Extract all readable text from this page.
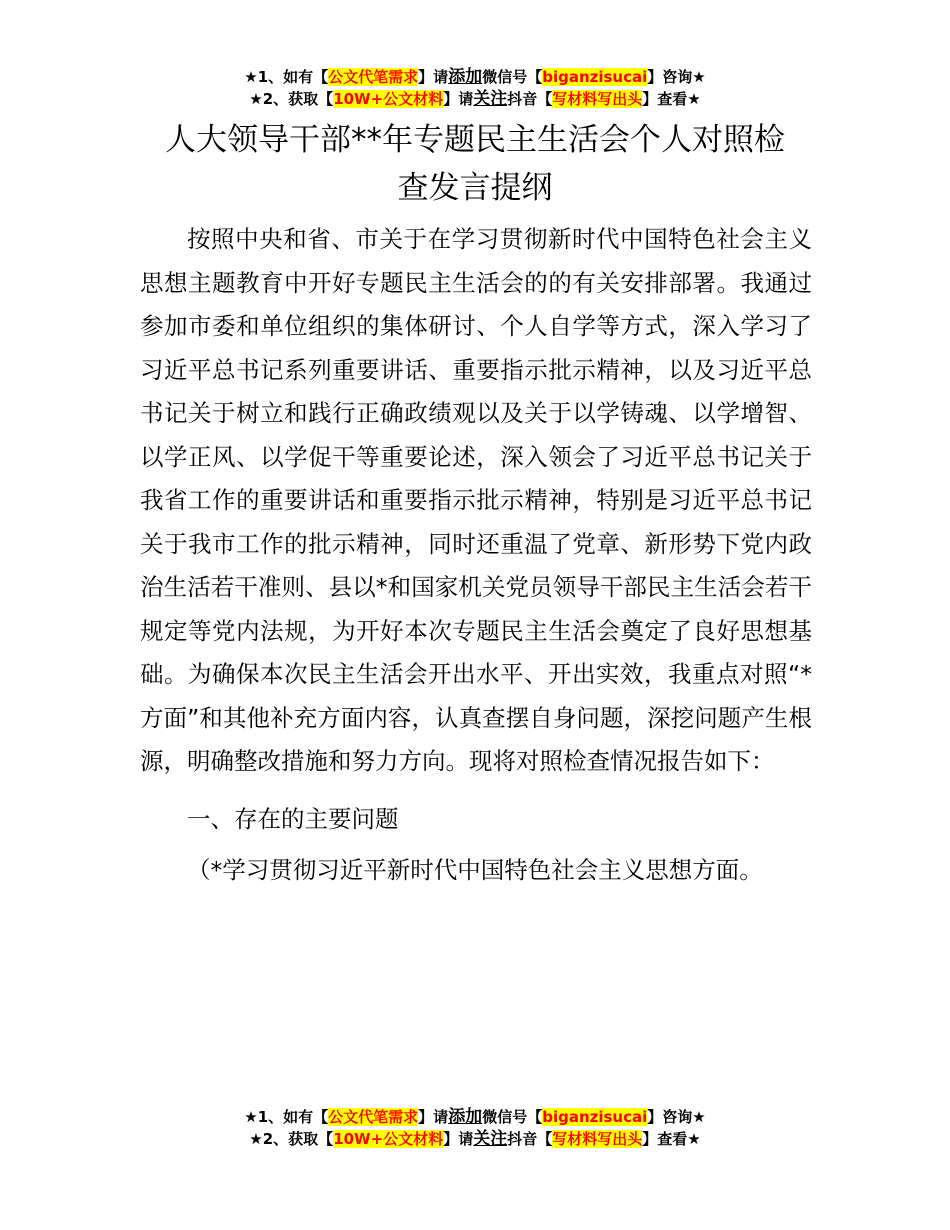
★1、如有【公文代笔需求】请添加微信号【biganzisucai】咨询★
★2、获取【10W+公文材料】请关注抖音【写材料写出头】查看★
人大领导干部**年专题民主生活会个人对照检
查发言提纲

按照中央和省、市关于在学习贯彻新时代中国特色社会主义思想主题教育中开好专题民主生活会的的有关安排部署。我通过参加市委和单位组织的集体研讨、个人自学等方式，深入学习了习近平总书记系列重要讲话、重要指示批示精神，以及习近平总书记关于树立和践行正确政绩观以及关于以学铸魂、以学增智、以学正风、以学促干等重要论述，深入领会了习近平总书记关于我省工作的重要讲话和重要指示批示精神，特别是习近平总书记关于我市工作的批示精神，同时还重温了党章、新形势下党内政治生活若干准则、县以*和国家机关党员领导干部民主生活会若干规定等党内法规，为开好本次专题民主生活会奠定了良好思想基础。为确保本次民主生活会开出水平、开出实效，我重点对照“*方面”和其他补充方面内容，认真查摆自身问题，深挖问题产生根源，明确整改措施和努力方向。现将对照检查情况报告如下：

一、存在的主要问题

（*学习贯彻习近平新时代中国特色社会主义思想方面。

★1、如有【公文代笔需求】请添加微信号【biganzisucai】咨询★
★2、获取【10W+公文材料】请关注抖音【写材料写出头】查看★
